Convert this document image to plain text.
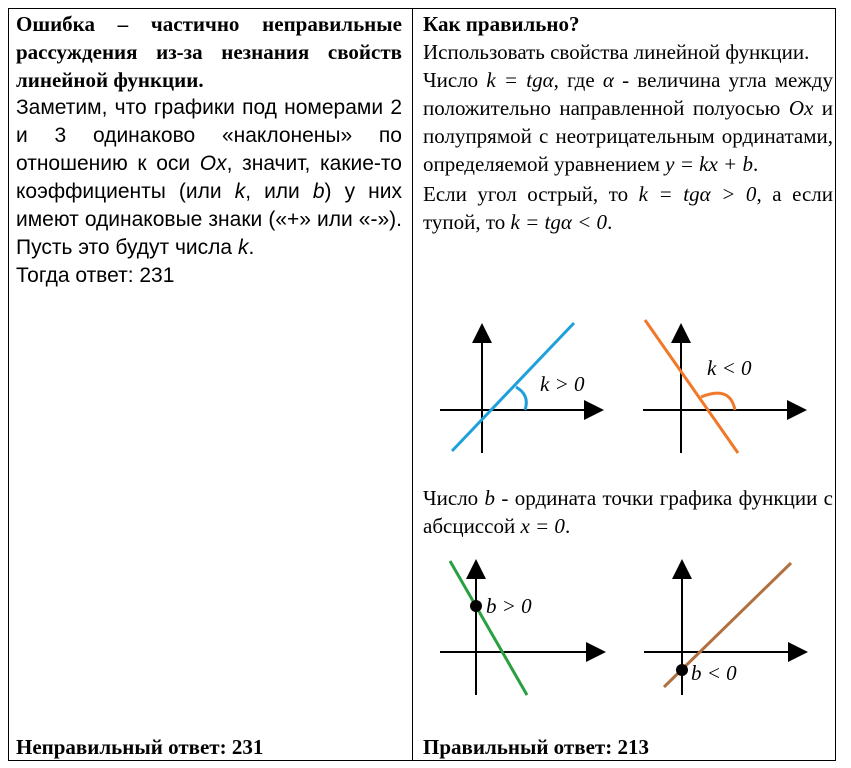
Ошибка – частично неправильные рассуждения из-за незнания свойств линейной функции.
Заметим, что графики под номерами 2 и 3 одинаково «наклонены» по отношению к оси Ox, значит, какие-то коэффициенты (или k, или b) у них имеют одинаковые знаки («+» или «-»). Пусть это будут числа k.
Тогда ответ: 231
Как правильно?
Использовать свойства линейной функции.
Число k = tgα, где α - величина угла между положительно направленной полуосью Ox и полупрямой с неотрицательным ординатами, определяемой уравнением y = kx + b.
Если угол острый, то k = tgα > 0, а если тупой, то k = tgα < 0.
k > 0
k < 0
Число b - ордината точки графика функции с абсциссой x = 0.
b > 0
b < 0
Неправильный ответ: 231	Правильный ответ: 213
